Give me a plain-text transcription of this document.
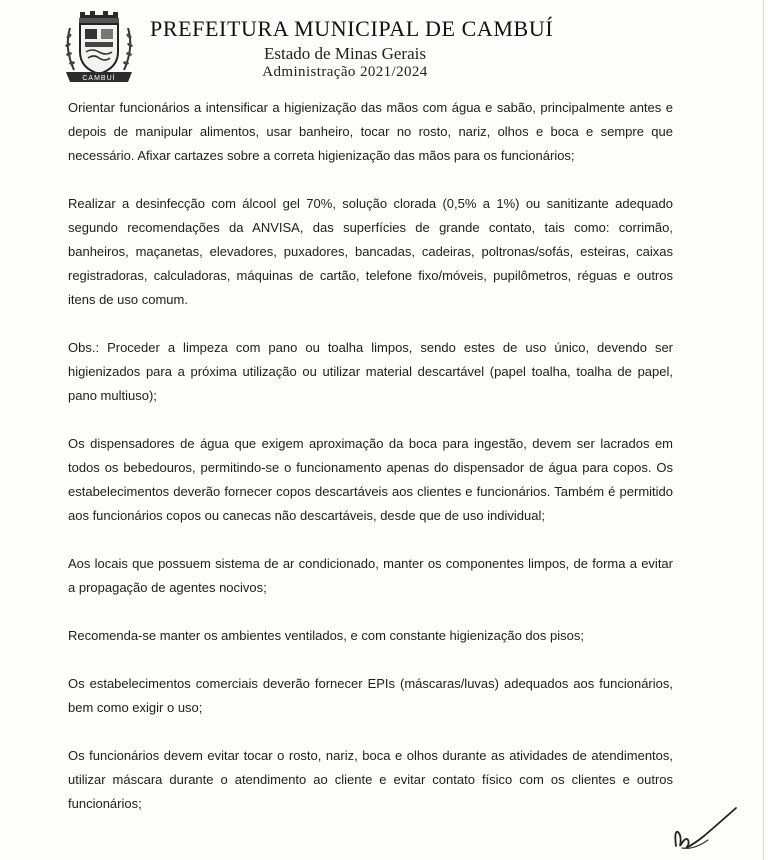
CAMBUÍ
PREFEITURA MUNICIPAL DE CAMBUÍ

Estado de Minas Gerais

Administração 2021/2024

Orientar funcionários a intensificar a higienização das mãos com água e sabão, principalmente antes e depois de manipular alimentos, usar banheiro, tocar no rosto, nariz, olhos e boca e sempre que necessário. Afixar cartazes sobre a correta higienização das mãos para os funcionários;

Realizar a desinfecção com álcool gel 70%, solução clorada (0,5% a 1%) ou sanitizante adequado segundo recomendações da ANVISA, das superfícies de grande contato, tais como: corrimão, banheiros, maçanetas, elevadores, puxadores, bancadas, cadeiras, poltronas/sofás, esteiras, caixas registradoras, calculadoras, máquinas de cartão, telefone fixo/móveis, pupilômetros, réguas e outros itens de uso comum.

Obs.: Proceder a limpeza com pano ou toalha limpos, sendo estes de uso único, devendo ser higienizados para a próxima utilização ou utilizar material descartável (papel toalha, toalha de papel, pano multiuso);

Os dispensadores de água que exigem aproximação da boca para ingestão, devem ser lacrados em todos os bebedouros, permitindo-se o funcionamento apenas do dispensador de água para copos. Os estabelecimentos deverão fornecer copos descartáveis aos clientes e funcionários. Também é permitido aos funcionários copos ou canecas não descartáveis, desde que de uso individual;

Aos locais que possuem sistema de ar condicionado, manter os componentes limpos, de forma a evitar a propagação de agentes nocivos;

Recomenda-se manter os ambientes ventilados, e com constante higienização dos pisos;

Os estabelecimentos comerciais deverão fornecer EPIs (máscaras/luvas) adequados aos funcionários, bem como exigir o uso;

Os funcionários devem evitar tocar o rosto, nariz, boca e olhos durante as atividades de atendimentos, utilizar máscara durante o atendimento ao cliente e evitar contato físico com os clientes e outros funcionários;
